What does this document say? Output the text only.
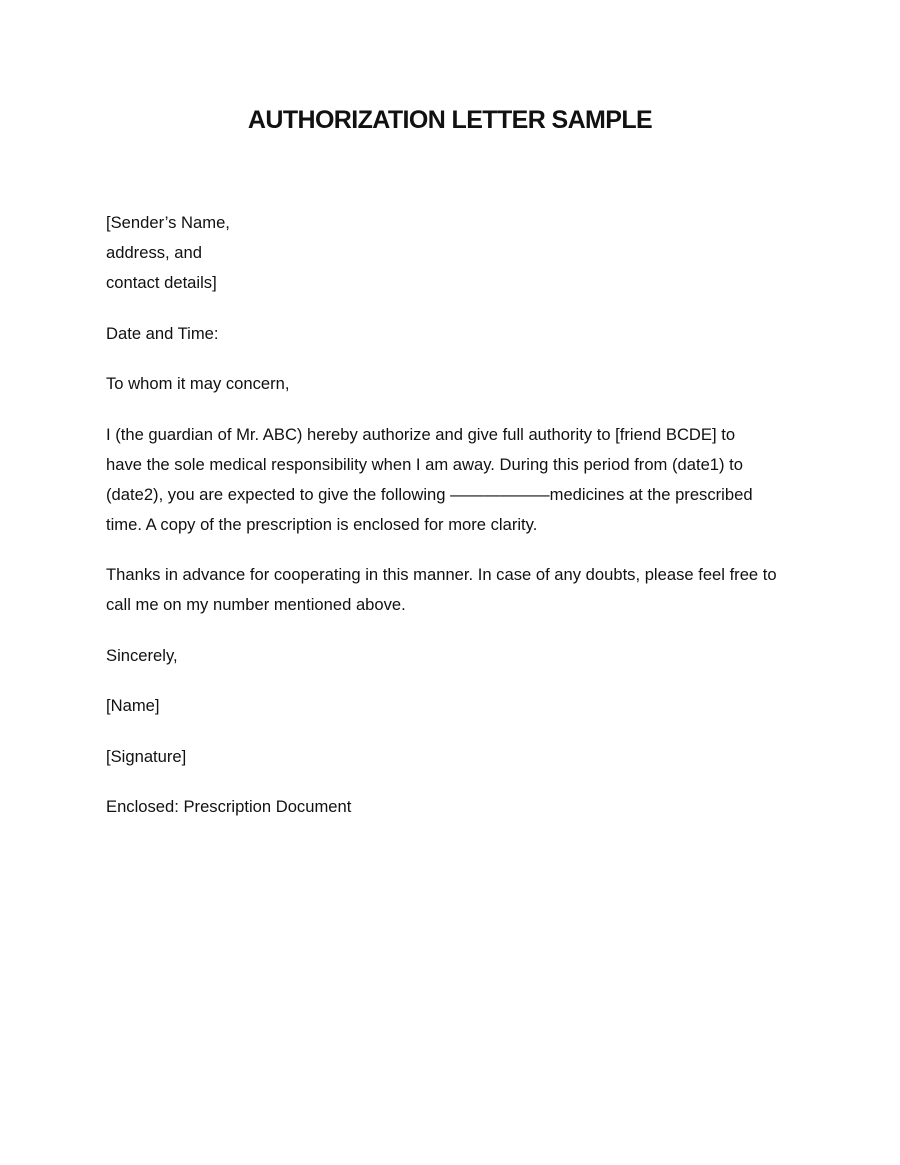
AUTHORIZATION LETTER SAMPLE

[Sender’s Name,
address, and
contact details]

Date and Time:

To whom it may concern,

I (the guardian of Mr. ABC) hereby authorize and give full authority to [friend BCDE] to
have the sole medical responsibility when I am away. During this period from (date1) to
(date2), you are expected to give the following ——————medicines at the prescribed
time. A copy of the prescription is enclosed for more clarity.

Thanks in advance for cooperating in this manner. In case of any doubts, please feel free to
call me on my number mentioned above.

Sincerely,

[Name]

[Signature]

Enclosed: Prescription Document
